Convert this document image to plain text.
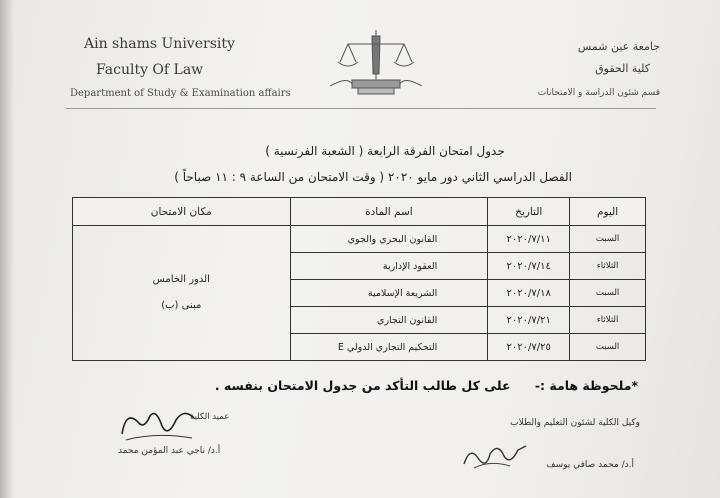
Ain shams University
Faculty Of Law
Department of Study & Examination affairs
جامعة عين شمس
كلية الحقوق
قسم شئون الدراسة و الامتحانات
جدول امتحان الفرقة الرابعة ( الشعبة الفرنسية )
الفصل الدراسي الثاني دور مايو ٢٠٢٠ ( وقت الامتحان من الساعة ٩ : ١١ صباحاً )
اليوم	التاريخ	اسم المادة	مكان الامتحان
السبت	٢٠٢٠/٧/١١	القانون البحري والجوي	الدور الخامس
مبنى (ب)

الثلاثاء	٢٠٢٠/٧/١٤	العقود الإدارية	
السبت	٢٠٢٠/٧/١٨	الشريعة الإسلامية	
الثلاثاء	٢٠٢٠/٧/٢١	القانون التجاري	
السبت	٢٠٢٠/٧/٢٥	التحكيم التجاري الدولي E	
*ملحوظة هامة :- على كل طالب التأكد من جدول الامتحان بنفسه .
وكيل الكلية لشئون التعليم والطلاب
أ.د/ محمد صافي يوسف
عميد الكلية
أ.د/ ناجي عبد المؤمن محمد
